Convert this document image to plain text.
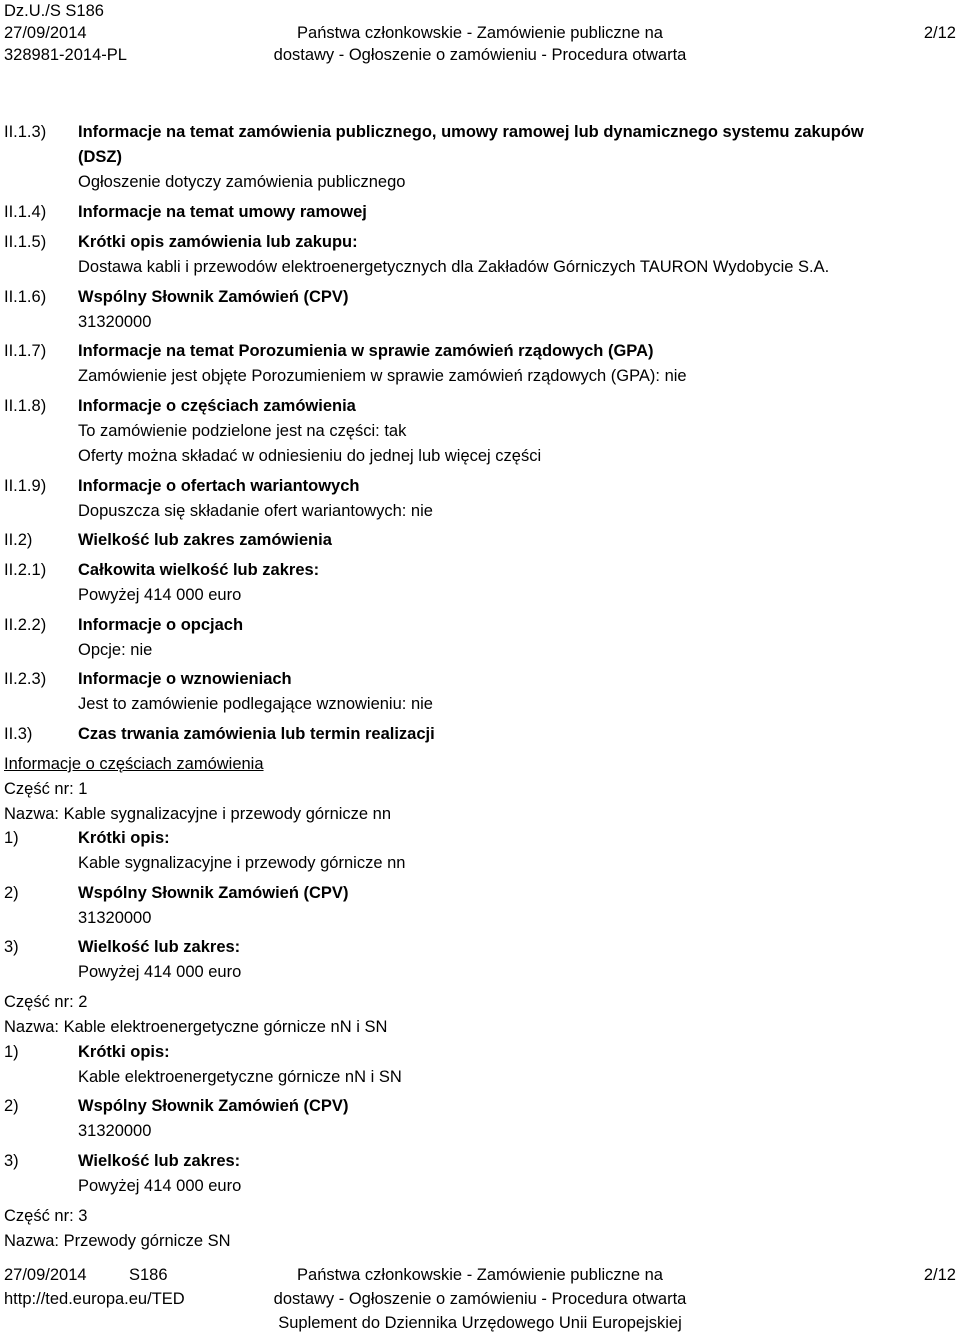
Dz.U./S S186
27/09/2014
328981-2014-PL
Państwa członkowskie - Zamówienie publiczne na
dostawy - Ogłoszenie o zamówieniu - Procedura otwarta
2/12
II.1.3) Informacje na temat zamówienia publicznego, umowy ramowej lub dynamicznego systemu zakupów
(DSZ)
Ogłoszenie dotyczy zamówienia publicznego
II.1.4) Informacje na temat umowy ramowej
II.1.5) Krótki opis zamówienia lub zakupu:
Dostawa kabli i przewodów elektroenergetycznych dla Zakładów Górniczych TAURON Wydobycie S.A.
II.1.6) Wspólny Słownik Zamówień (CPV)
31320000
II.1.7) Informacje na temat Porozumienia w sprawie zamówień rządowych (GPA)
Zamówienie jest objęte Porozumieniem w sprawie zamówień rządowych (GPA): nie
II.1.8) Informacje o częściach zamówienia
To zamówienie podzielone jest na części: tak
Oferty można składać w odniesieniu do jednej lub więcej części
II.1.9) Informacje o ofertach wariantowych
Dopuszcza się składanie ofert wariantowych: nie
II.2)	Wielkość lub zakres zamówienia
II.2.1) Całkowita wielkość lub zakres:
Powyżej 414 000 euro
II.2.2) Informacje o opcjach
Opcje: nie
II.2.3) Informacje o wznowieniach
Jest to zamówienie podlegające wznowieniu: nie
II.3)	Czas trwania zamówienia lub termin realizacji
Informacje o częściach zamówienia
Część nr: 1
Nazwa: Kable sygnalizacyjne i przewody górnicze nn
1)	Krótki opis:
Kable sygnalizacyjne i przewody górnicze nn
2)	Wspólny Słownik Zamówień (CPV)
31320000
3)	Wielkość lub zakres:
Powyżej 414 000 euro
Część nr: 2
Nazwa: Kable elektroenergetyczne górnicze nN i SN
1)	Krótki opis:
Kable elektroenergetyczne górnicze nN i SN
2)	Wspólny Słownik Zamówień (CPV)
31320000
3)	Wielkość lub zakres:
Powyżej 414 000 euro
Część nr: 3
Nazwa: Przewody górnicze SN
27/09/2014	S186
http://ted.europa.eu/TED
Państwa członkowskie - Zamówienie publiczne na
dostawy - Ogłoszenie o zamówieniu - Procedura otwarta
Suplement do Dziennika Urzędowego Unii Europejskiej
2/12
